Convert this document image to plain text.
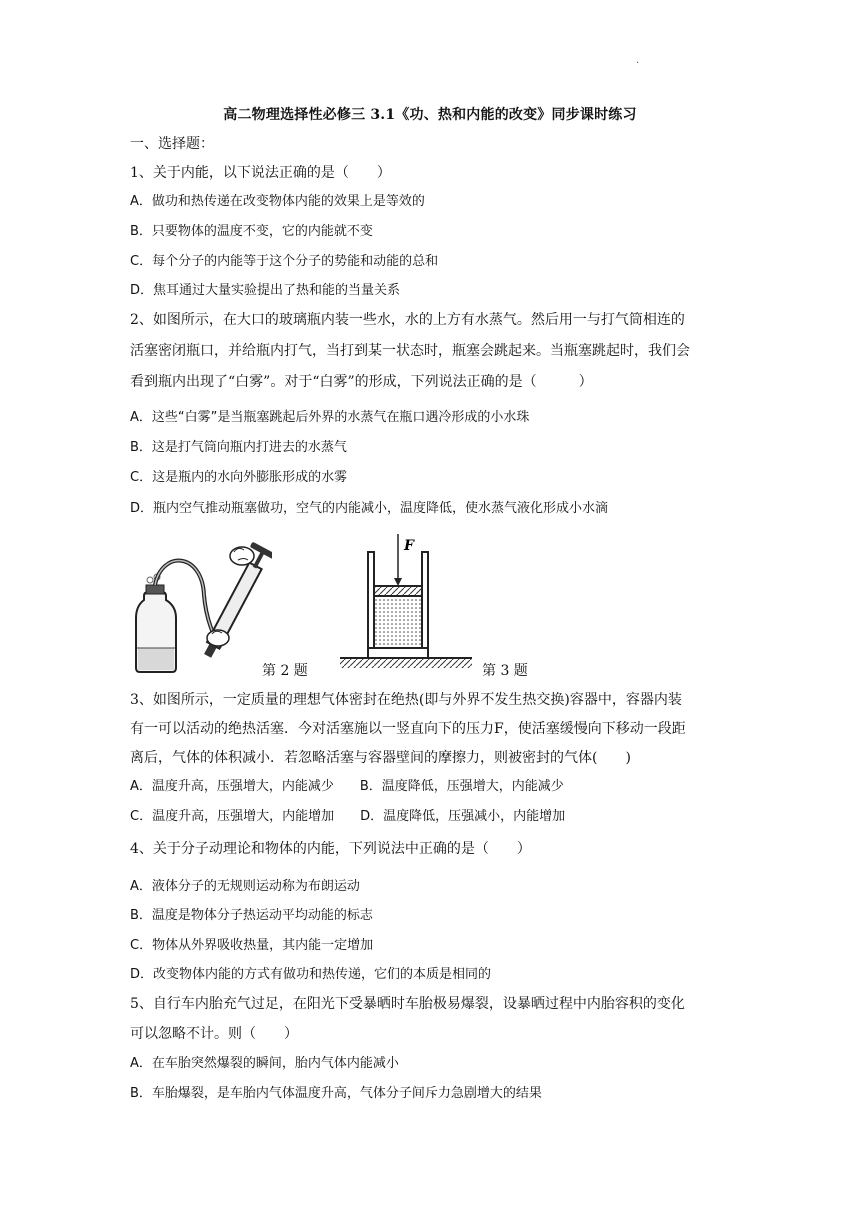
·
高二物理选择性必修三 3.1《功、热和内能的改变》同步课时练习
一、选择题：
1、关于内能，以下说法正确的是（　　）
A．做功和热传递在改变物体内能的效果上是等效的
B．只要物体的温度不变，它的内能就不变
C．每个分子的内能等于这个分子的势能和动能的总和
D．焦耳通过大量实验提出了热和能的当量关系
2、如图所示，在大口的玻璃瓶内装一些水，水的上方有水蒸气。然后用一与打气筒相连的
活塞密闭瓶口，并给瓶内打气，当打到某一状态时，瓶塞会跳起来。当瓶塞跳起时，我们会
看到瓶内出现了“白雾”。对于“白雾”的形成，下列说法正确的是（　　　）
A．这些“白雾”是当瓶塞跳起后外界的水蒸气在瓶口遇冷形成的小水珠
B．这是打气筒向瓶内打进去的水蒸气
C．这是瓶内的水向外膨胀形成的水雾
D．瓶内空气推动瓶塞做功，空气的内能减小，温度降低，使水蒸气液化形成小水滴
第 2 题
F
第 3 题
3、如图所示，一定质量的理想气体密封在绝热(即与外界不发生热交换)容器中，容器内装
有一可以活动的绝热活塞．今对活塞施以一竖直向下的压力F，使活塞缓慢向下移动一段距
离后，气体的体积减小．若忽略活塞与容器壁间的摩擦力，则被密封的气体(　　)
A．温度升高，压强增大，内能减少　　B．温度降低，压强增大，内能减少
C．温度升高，压强增大，内能增加　　D．温度降低，压强减小，内能增加
4、关于分子动理论和物体的内能，下列说法中正确的是（　　）
A．液体分子的无规则运动称为布朗运动
B．温度是物体分子热运动平均动能的标志
C．物体从外界吸收热量，其内能一定增加
D．改变物体内能的方式有做功和热传递，它们的本质是相同的
5、自行车内胎充气过足，在阳光下受暴晒时车胎极易爆裂，设暴晒过程中内胎容积的变化
可以忽略不计。则（　　）
A．在车胎突然爆裂的瞬间，胎内气体内能减小
B．车胎爆裂，是车胎内气体温度升高，气体分子间斥力急剧增大的结果
